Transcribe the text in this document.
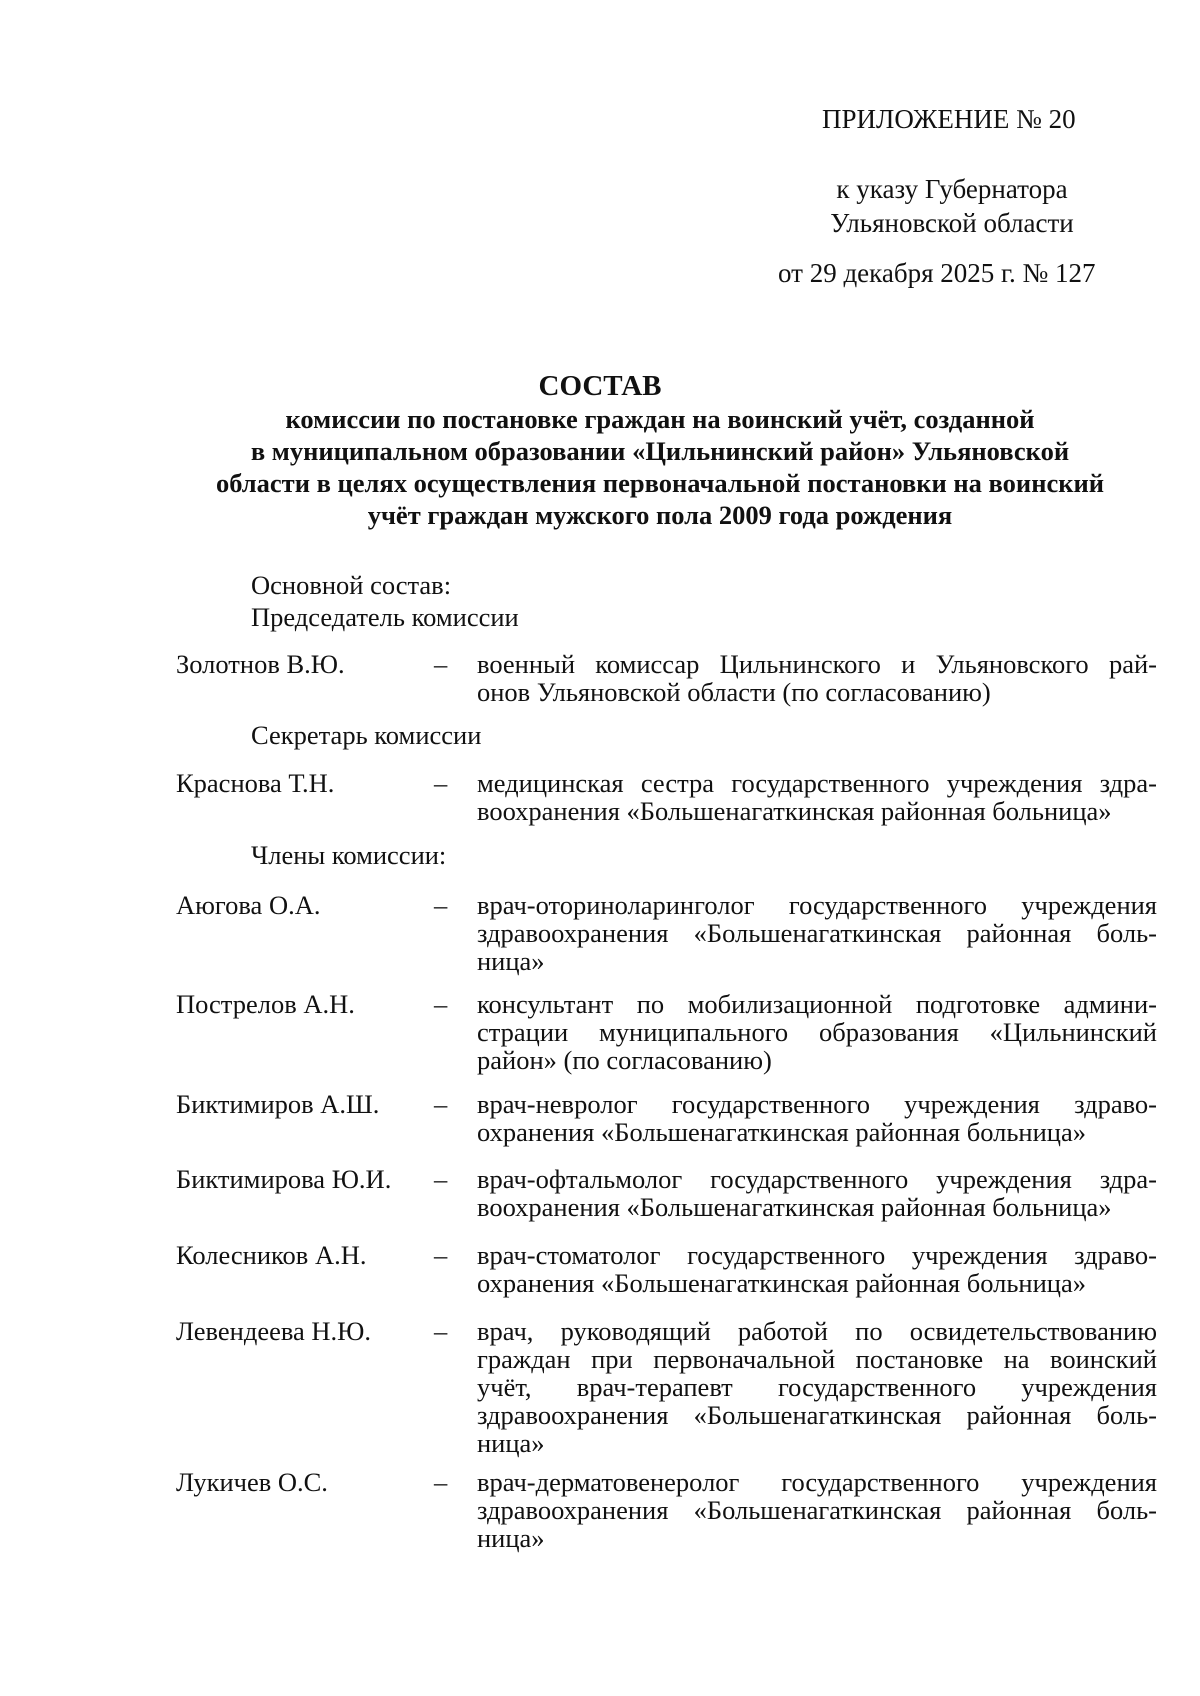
ПРИЛОЖЕНИЕ № 20
к указу Губернатора
Ульяновской области
от 29 декабря 2025 г. № 127
СОСТАВ
комиссии по постановке граждан на воинский учёт, созданной
в муниципальном образовании «Цильнинский район» Ульяновской
области в целях осуществления первоначальной постановки на воинский
учёт граждан мужского пола 2009 года рождения
Основной состав:
Председатель комиссии
Золотнов В.Ю.	– военный комиссар Цильнинского и Ульяновского рай-
онов Ульяновской области (по согласованию)
Секретарь комиссии
Краснова Т.Н.	– медицинская сестра государственного учреждения здра-
воохранения «Большенагаткинская районная больница»
Члены комиссии:
Аюгова О.А.	– врач-оториноларинголог государственного учреждения
здравоохранения «Большенагаткинская районная боль-
ница»
Пострелов А.Н.	– консультант по мобилизационной подготовке админи-
страции муниципального образования «Цильнинский
район» (по согласованию)
Биктимиров А.Ш. – врач-невролог государственного учреждения здраво-
охранения «Большенагаткинская районная больница»
Биктимирова Ю.И. – врач-офтальмолог государственного учреждения здра-
воохранения «Большенагаткинская районная больница»
Колесников А.Н.	– врач-стоматолог государственного учреждения здраво-
охранения «Большенагаткинская районная больница»
Левендеева Н.Ю. – врач, руководящий работой по освидетельствованию
граждан при первоначальной постановке на воинский
учёт, врач-терапевт государственного учреждения
здравоохранения «Большенагаткинская районная боль-
ница»
Лукичев О.С.	– врач-дерматовенеролог государственного учреждения
здравоохранения «Большенагаткинская районная боль-
ница»
